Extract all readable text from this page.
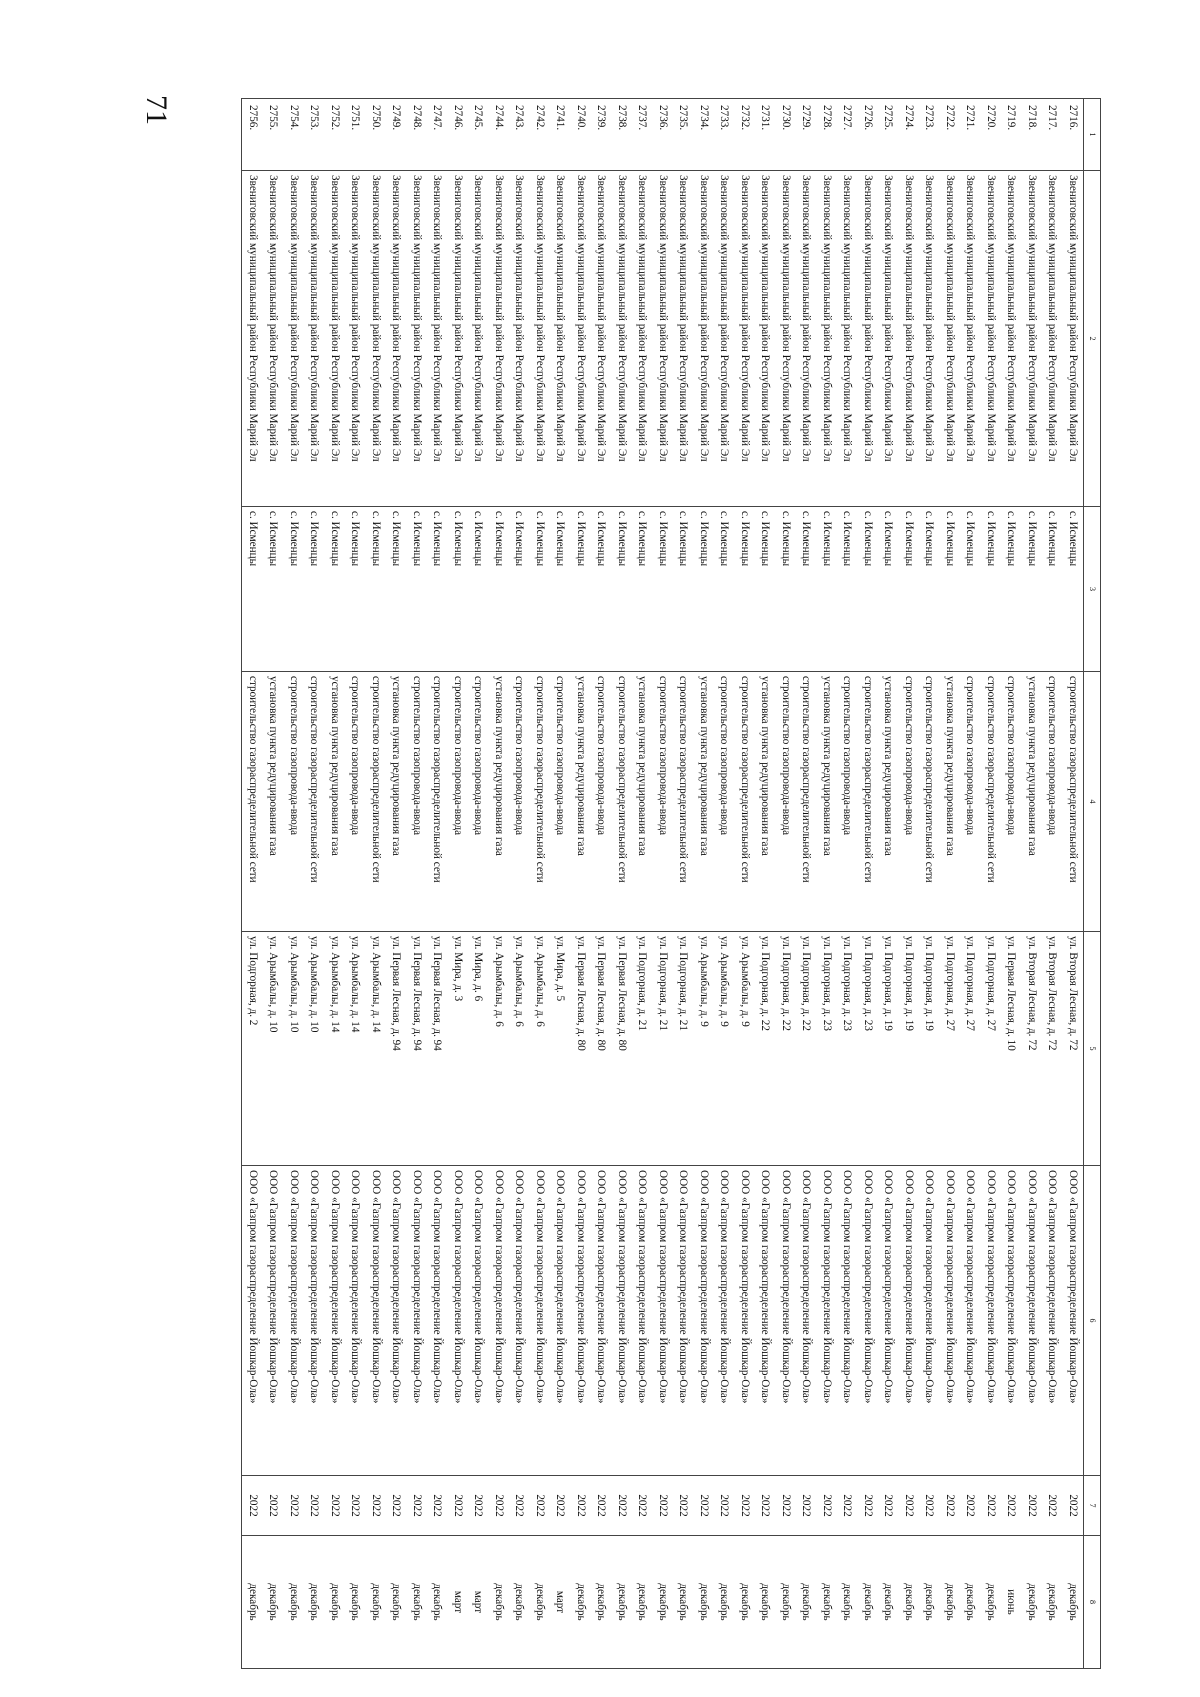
71
1	2	3	4	5	6	7	8
2716.	Звениговский муниципальный район Республики Марий Эл	с. Исменцы	строительство газораспределительной сети	ул. Вторая Лесная, д. 72	ООО «Газпром газораспределение Йошкар-Ола»	2022	декабрь
2717.	Звениговский муниципальный район Республики Марий Эл	с. Исменцы	строительство газопровода-ввода	ул. Вторая Лесная, д. 72	ООО «Газпром газораспределение Йошкар-Ола»	2022	декабрь
2718.	Звениговский муниципальный район Республики Марий Эл	с. Исменцы	установка пункта редуцирования газа	ул. Вторая Лесная, д. 72	ООО «Газпром газораспределение Йошкар-Ола»	2022	декабрь
2719.	Звениговский муниципальный район Республики Марий Эл	с. Исменцы	строительство газопровода-ввода	ул. Первая Лесная, д. 10	ООО «Газпром газораспределение Йошкар-Ола»	2022	июнь
2720.	Звениговский муниципальный район Республики Марий Эл	с. Исменцы	строительство газораспределительной сети	ул. Подгорная, д. 27	ООО «Газпром газораспределение Йошкар-Ола»	2022	декабрь
2721.	Звениговский муниципальный район Республики Марий Эл	с. Исменцы	строительство газопровода-ввода	ул. Подгорная, д. 27	ООО «Газпром газораспределение Йошкар-Ола»	2022	декабрь
2722.	Звениговский муниципальный район Республики Марий Эл	с. Исменцы	установка пункта редуцирования газа	ул. Подгорная, д. 27	ООО «Газпром газораспределение Йошкар-Ола»	2022	декабрь
2723.	Звениговский муниципальный район Республики Марий Эл	с. Исменцы	строительство газораспределительной сети	ул. Подгорная, д. 19	ООО «Газпром газораспределение Йошкар-Ола»	2022	декабрь
2724.	Звениговский муниципальный район Республики Марий Эл	с. Исменцы	строительство газопровода-ввода	ул. Подгорная, д. 19	ООО «Газпром газораспределение Йошкар-Ола»	2022	декабрь
2725.	Звениговский муниципальный район Республики Марий Эл	с. Исменцы	установка пункта редуцирования газа	ул. Подгорная, д. 19	ООО «Газпром газораспределение Йошкар-Ола»	2022	декабрь
2726.	Звениговский муниципальный район Республики Марий Эл	с. Исменцы	строительство газораспределительной сети	ул. Подгорная, д. 23	ООО «Газпром газораспределение Йошкар-Ола»	2022	декабрь
2727.	Звениговский муниципальный район Республики Марий Эл	с. Исменцы	строительство газопровода-ввода	ул. Подгорная, д. 23	ООО «Газпром газораспределение Йошкар-Ола»	2022	декабрь
2728.	Звениговский муниципальный район Республики Марий Эл	с. Исменцы	установка пункта редуцирования газа	ул. Подгорная, д. 23	ООО «Газпром газораспределение Йошкар-Ола»	2022	декабрь
2729.	Звениговский муниципальный район Республики Марий Эл	с. Исменцы	строительство газораспределительной сети	ул. Подгорная, д. 22	ООО «Газпром газораспределение Йошкар-Ола»	2022	декабрь
2730.	Звениговский муниципальный район Республики Марий Эл	с. Исменцы	строительство газопровода-ввода	ул. Подгорная, д. 22	ООО «Газпром газораспределение Йошкар-Ола»	2022	декабрь
2731.	Звениговский муниципальный район Республики Марий Эл	с. Исменцы	установка пункта редуцирования газа	ул. Подгорная, д. 22	ООО «Газпром газораспределение Йошкар-Ола»	2022	декабрь
2732.	Звениговский муниципальный район Республики Марий Эл	с. Исменцы	строительство газораспределительной сети	ул. Арымбалы, д. 9	ООО «Газпром газораспределение Йошкар-Ола»	2022	декабрь
2733.	Звениговский муниципальный район Республики Марий Эл	с. Исменцы	строительство газопровода-ввода	ул. Арымбалы, д. 9	ООО «Газпром газораспределение Йошкар-Ола»	2022	декабрь
2734.	Звениговский муниципальный район Республики Марий Эл	с. Исменцы	установка пункта редуцирования газа	ул. Арымбалы, д. 9	ООО «Газпром газораспределение Йошкар-Ола»	2022	декабрь
2735.	Звениговский муниципальный район Республики Марий Эл	с. Исменцы	строительство газораспределительной сети	ул. Подгорная, д. 21	ООО «Газпром газораспределение Йошкар-Ола»	2022	декабрь
2736.	Звениговский муниципальный район Республики Марий Эл	с. Исменцы	строительство газопровода-ввода	ул. Подгорная, д. 21	ООО «Газпром газораспределение Йошкар-Ола»	2022	декабрь
2737.	Звениговский муниципальный район Республики Марий Эл	с. Исменцы	установка пункта редуцирования газа	ул. Подгорная, д. 21	ООО «Газпром газораспределение Йошкар-Ола»	2022	декабрь
2738.	Звениговский муниципальный район Республики Марий Эл	с. Исменцы	строительство газораспределительной сети	ул. Первая Лесная, д. 80	ООО «Газпром газораспределение Йошкар-Ола»	2022	декабрь
2739.	Звениговский муниципальный район Республики Марий Эл	с. Исменцы	строительство газопровода-ввода	ул. Первая Лесная, д. 80	ООО «Газпром газораспределение Йошкар-Ола»	2022	декабрь
2740.	Звениговский муниципальный район Республики Марий Эл	с. Исменцы	установка пункта редуцирования газа	ул. Первая Лесная, д. 80	ООО «Газпром газораспределение Йошкар-Ола»	2022	декабрь
2741.	Звениговский муниципальный район Республики Марий Эл	с. Исменцы	строительство газопровода-ввода	ул. Мира, д. 5	ООО «Газпром газораспределение Йошкар-Ола»	2022	март
2742.	Звениговский муниципальный район Республики Марий Эл	с. Исменцы	строительство газораспределительной сети	ул. Арымбалы, д. 6	ООО «Газпром газораспределение Йошкар-Ола»	2022	декабрь
2743.	Звениговский муниципальный район Республики Марий Эл	с. Исменцы	строительство газопровода-ввода	ул. Арымбалы, д. 6	ООО «Газпром газораспределение Йошкар-Ола»	2022	декабрь
2744.	Звениговский муниципальный район Республики Марий Эл	с. Исменцы	установка пункта редуцирования газа	ул. Арымбалы, д. 6	ООО «Газпром газораспределение Йошкар-Ола»	2022	декабрь
2745.	Звениговский муниципальный район Республики Марий Эл	с. Исменцы	строительство газопровода-ввода	ул. Мира, д. 6	ООО «Газпром газораспределение Йошкар-Ола»	2022	март
2746.	Звениговский муниципальный район Республики Марий Эл	с. Исменцы	строительство газопровода-ввода	ул. Мира, д. 3	ООО «Газпром газораспределение Йошкар-Ола»	2022	март
2747.	Звениговский муниципальный район Республики Марий Эл	с. Исменцы	строительство газораспределительной сети	ул. Первая Лесная, д. 94	ООО «Газпром газораспределение Йошкар-Ола»	2022	декабрь
2748.	Звениговский муниципальный район Республики Марий Эл	с. Исменцы	строительство газопровода-ввода	ул. Первая Лесная, д. 94	ООО «Газпром газораспределение Йошкар-Ола»	2022	декабрь
2749.	Звениговский муниципальный район Республики Марий Эл	с. Исменцы	установка пункта редуцирования газа	ул. Первая Лесная, д. 94	ООО «Газпром газораспределение Йошкар-Ола»	2022	декабрь
2750.	Звениговский муниципальный район Республики Марий Эл	с. Исменцы	строительство газораспределительной сети	ул. Арымбалы, д. 14	ООО «Газпром газораспределение Йошкар-Ола»	2022	декабрь
2751.	Звениговский муниципальный район Республики Марий Эл	с. Исменцы	строительство газопровода-ввода	ул. Арымбалы, д. 14	ООО «Газпром газораспределение Йошкар-Ола»	2022	декабрь
2752.	Звениговский муниципальный район Республики Марий Эл	с. Исменцы	установка пункта редуцирования газа	ул. Арымбалы, д. 14	ООО «Газпром газораспределение Йошкар-Ола»	2022	декабрь
2753.	Звениговский муниципальный район Республики Марий Эл	с. Исменцы	строительство газораспределительной сети	ул. Арымбалы, д. 10	ООО «Газпром газораспределение Йошкар-Ола»	2022	декабрь
2754.	Звениговский муниципальный район Республики Марий Эл	с. Исменцы	строительство газопровода-ввода	ул. Арымбалы, д. 10	ООО «Газпром газораспределение Йошкар-Ола»	2022	декабрь
2755.	Звениговский муниципальный район Республики Марий Эл	с. Исменцы	установка пункта редуцирования газа	ул. Арымбалы, д. 10	ООО «Газпром газораспределение Йошкар-Ола»	2022	декабрь
2756.	Звениговский муниципальный район Республики Марий Эл	с. Исменцы	строительство газораспределительной сети	ул. Подгорная, д. 2	ООО «Газпром газораспределение Йошкар-Ола»	2022	декабрь
